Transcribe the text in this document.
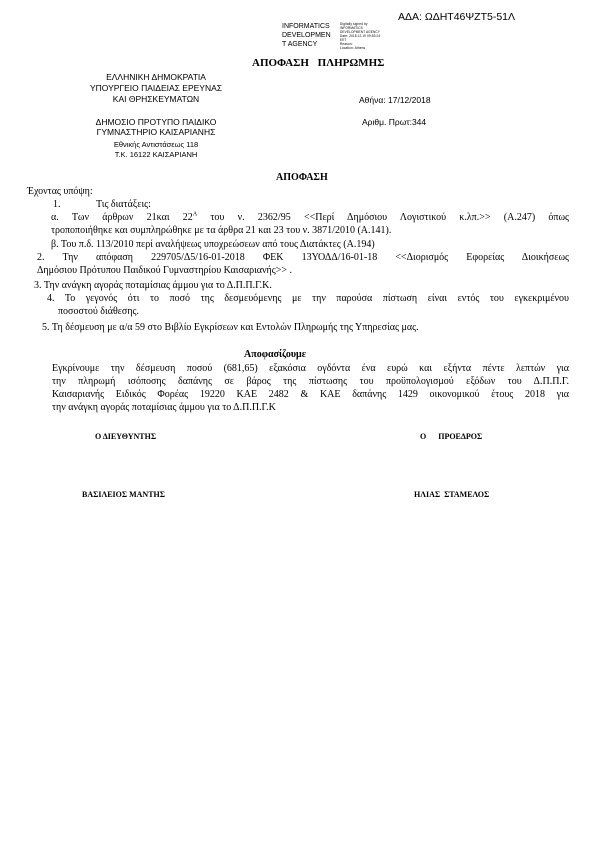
ΑΔΑ: ΩΔΗΤ46ΨΖΤ5-51Λ
INFORMATICS
DEVELOPMEN
T AGENCY
Digitally signed by
INFORMATICS
DEVELOPMENT AGENCY
Date: 2018.12.19 09:53:24
EET
Reason:
Location: Athens
ΑΠΟΦΑΣΗ ΠΛΗΡΩΜΗΣ
ΕΛΛΗΝΙΚΗ ΔΗΜΟΚΡΑΤΙΑ
ΥΠΟΥΡΓΕΙΟ ΠΑΙΔΕΙΑΣ ΕΡΕΥΝΑΣ
ΚΑΙ ΘΡΗΣΚΕΥΜΑΤΩΝ	Αθήνα: 17/12/2018
ΔΗΜΟΣΙΟ ΠΡΟΤΥΠΟ ΠΑΙΔΙΚΟ
ΓΥΜΝΑΣΤΗΡΙΟ ΚΑΙΣΑΡΙΑΝΗΣ
Αριθμ. Πρωτ:344
Εθνικής Αντιστάσεως 118
Τ.Κ. 16122 ΚΑΙΣΑΡΙΑΝΗ
ΑΠΟΦΑΣΗ
Έχοντας υπόψη:
1.	Τις διατάξεις:
α. Των άρθρων 21και $22^A$ του ν. 2362/95 <<Περί Δημόσιου Λογιστικού κ.λπ.>> (Α.247) όπως
τροποποιήθηκε και συμπληρώθηκε με τα άρθρα 21 και 23 του ν. 3871/2010 (Α.141).
β. Του π.δ. 113/2010 περί αναλήψεως υποχρεώσεων από τους Διατάκτες (Α.194)
2. Την απόφαση 229705/Δ5/16-01-2018 ΦΕΚ 13ΥΟΔΔ/16-01-18 <<Διορισμός Εφορείας Διοικήσεως
Δημόσιου Πρότυπου Παιδικού Γυμναστηρίου Καισαριανής>> .
3. Την ανάγκη αγοράς ποταμίσιας άμμου για το Δ.Π.Π.Γ.Κ.
4. Το γεγονός ότι το ποσό της δεσμευόμενης με την παρούσα πίστωση είναι εντός του εγκεκριμένου
ποσοστού διάθεσης.
5. Τη δέσμευση με α/α 59 στο Βιβλίο Εγκρίσεων και Εντολών Πληρωμής της Υπηρεσίας μας.
Αποφασίζουμε
Εγκρίνουμε την δέσμευση ποσού (681,65) εξακόσια ογδόντα ένα ευρώ και εξήντα πέντε λεπτών για
την πληρωμή ισόποσης δαπάνης σε βάρος της πίστωσης του προϋπολογισμού εξόδων του Δ.Π.Π.Γ.
Καισαριανής Ειδικός Φορέας 19220 ΚΑΕ 2482 & ΚΑΕ δαπάνης 1429 οικονομικού έτους 2018 για
την ανάγκη αγοράς ποταμίσιας άμμου για το Δ.Π.Π.Γ.Κ
Ο ΔΙΕΥΘΥΝΤΗΣ	Ο      ΠΡΟΕΔΡΟΣ
ΒΑΣΙΛΕΙΟΣ ΜΑΝΤΗΣ	ΗΛΙΑΣ  ΣΤΑΜΕΛΟΣ
